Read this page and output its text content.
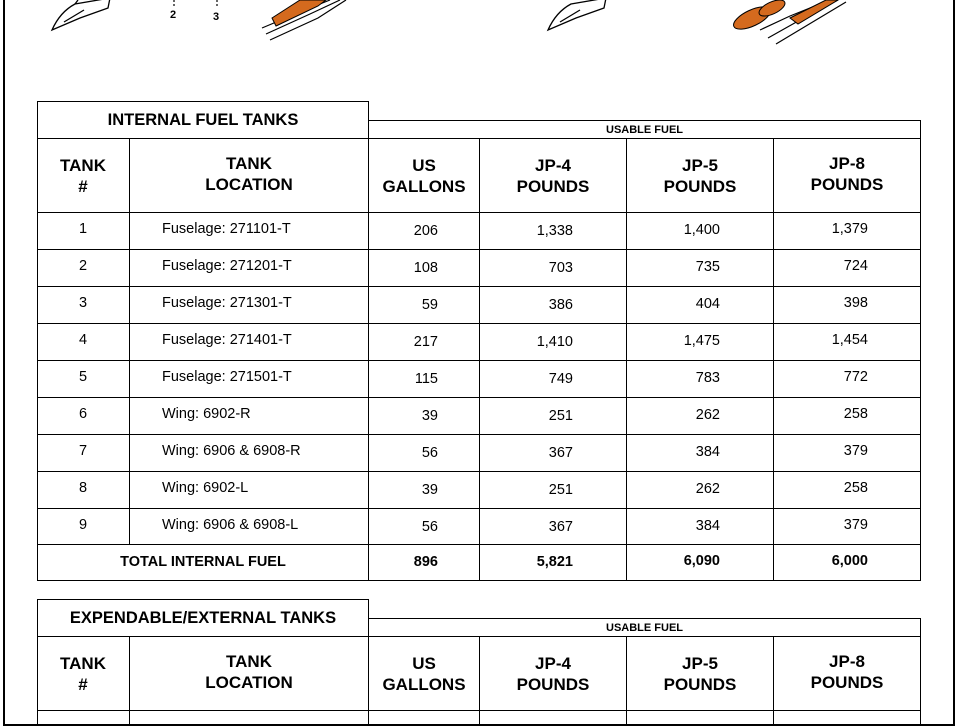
2	3
INTERNAL FUEL TANKS
USABLE FUEL
TANK
#
TANK
LOCATION
US
GALLONS
JP-4
POUNDS
JP-5
POUNDS
JP-8
POUNDS
1	Fuselage: 271101-T	206	1,338	1,400	1,379
2	Fuselage: 271201-T	108	703	735	724
3	Fuselage: 271301-T	59	386	404	398
4	Fuselage: 271401-T	217	1,410	1,475	1,454
5	Fuselage: 271501-T	115	749	783	772
6	Wing: 6902-R	39	251	262	258
7	Wing: 6906 & 6908-R	56	367	384	379
8	Wing: 6902-L	39	251	262	258
9	Wing: 6906 & 6908-L	56	367	384	379
TOTAL INTERNAL FUEL	896	5,821	6,090	6,000
EXPENDABLE/EXTERNAL TANKS
USABLE FUEL
TANK
#
TANK
LOCATION
US
GALLONS
JP-4
POUNDS
JP-5
POUNDS
JP-8
POUNDS
